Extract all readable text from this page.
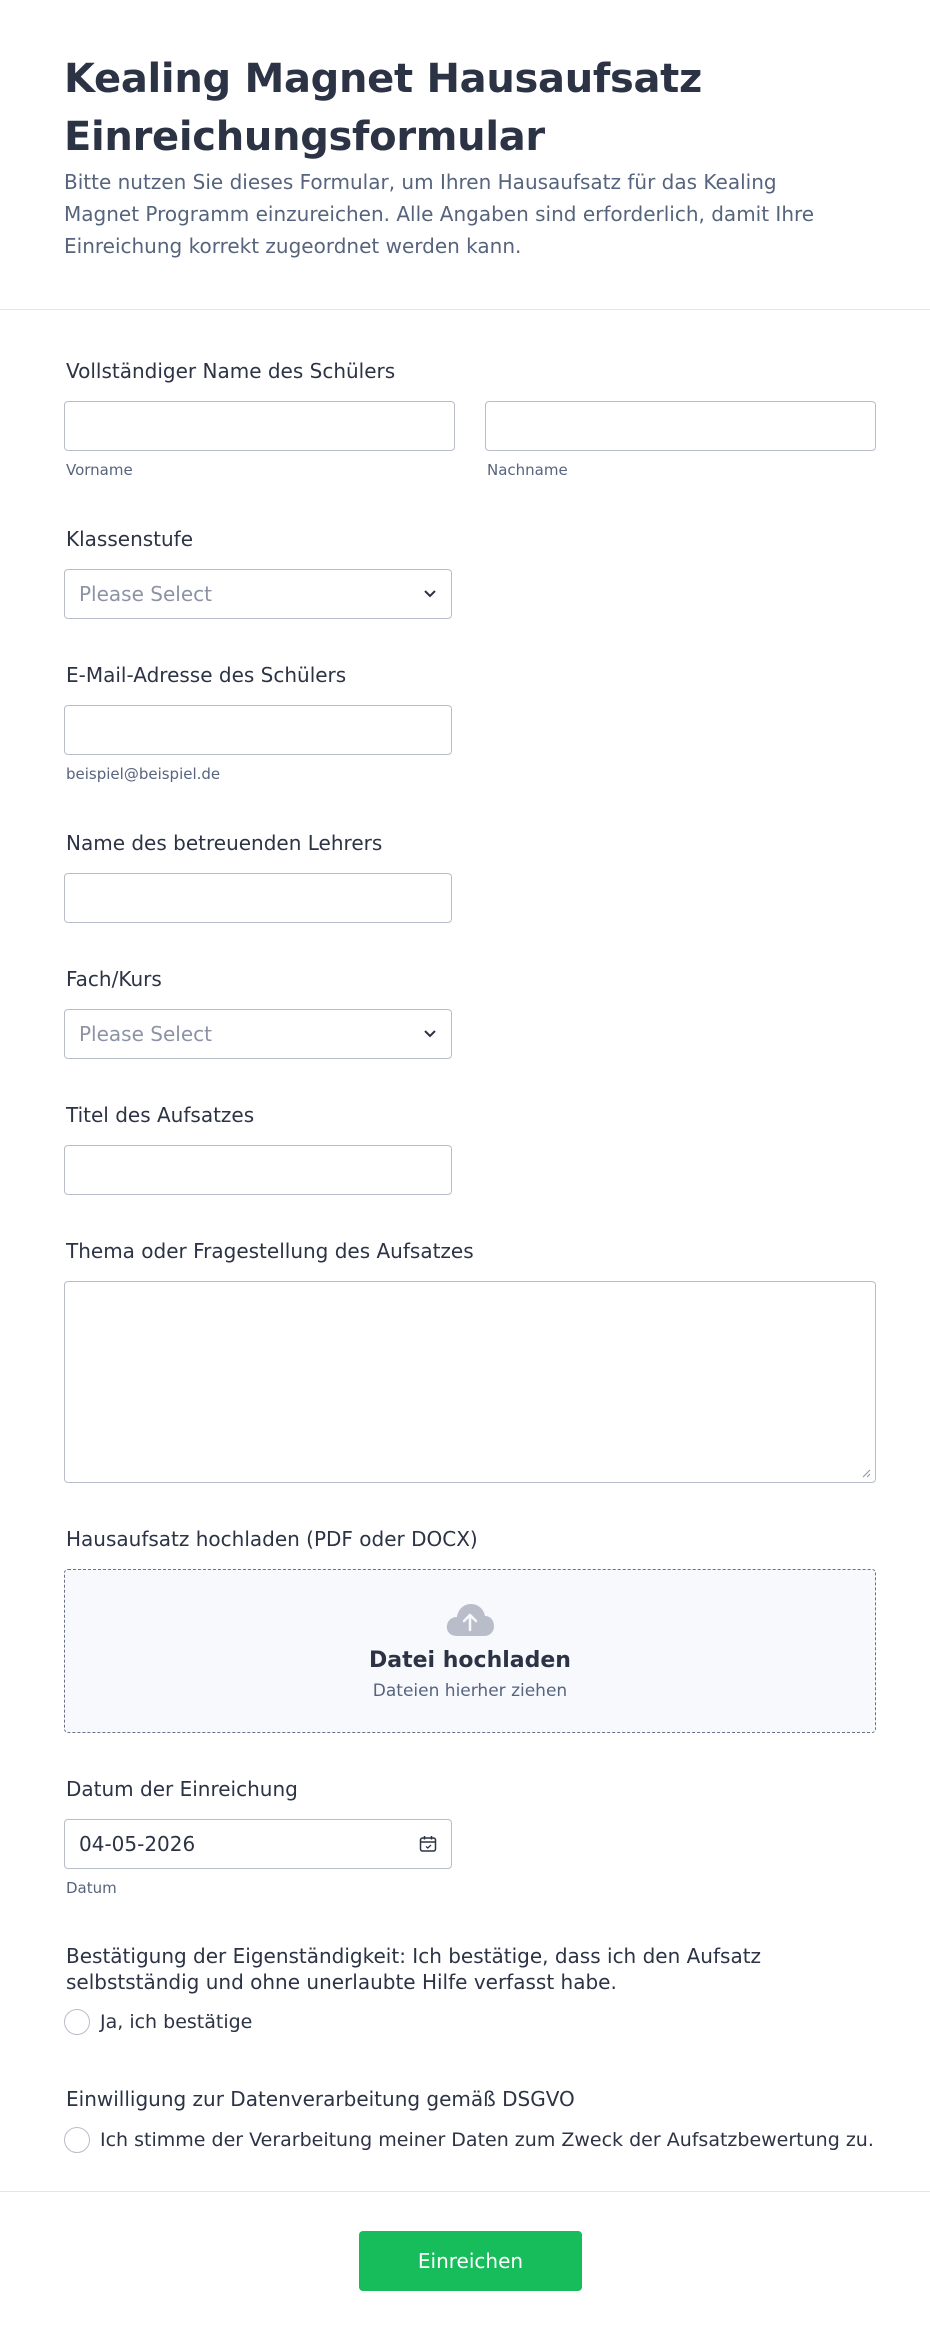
Kealing Magnet Hausaufsatz Einreichungsformular

Bitte nutzen Sie dieses Formular, um Ihren Hausaufsatz für das Kealing Magnet Programm einzureichen. Alle Angaben sind erforderlich, damit Ihre Einreichung korrekt zugeordnet werden kann.

Vollständiger Name des Schülers
Vorname	Nachname
Klassenstufe
Please Select
E-Mail-Adresse des Schülers
beispiel@beispiel.de
Name des betreuenden Lehrers
Fach/Kurs
Please Select
Titel des Aufsatzes
Thema oder Fragestellung des Aufsatzes
Hausaufsatz hochladen (PDF oder DOCX)
Datei hochladen
Dateien hierher ziehen
Datum der Einreichung
04-05-2026
Datum
Bestätigung der Eigenständigkeit: Ich bestätige, dass ich den Aufsatz selbstständig und ohne unerlaubte Hilfe verfasst habe.
Ja, ich bestätige
Einwilligung zur Datenverarbeitung gemäß DSGVO
Ich stimme der Verarbeitung meiner Daten zum Zweck der Aufsatzbewertung zu.
Einreichen
